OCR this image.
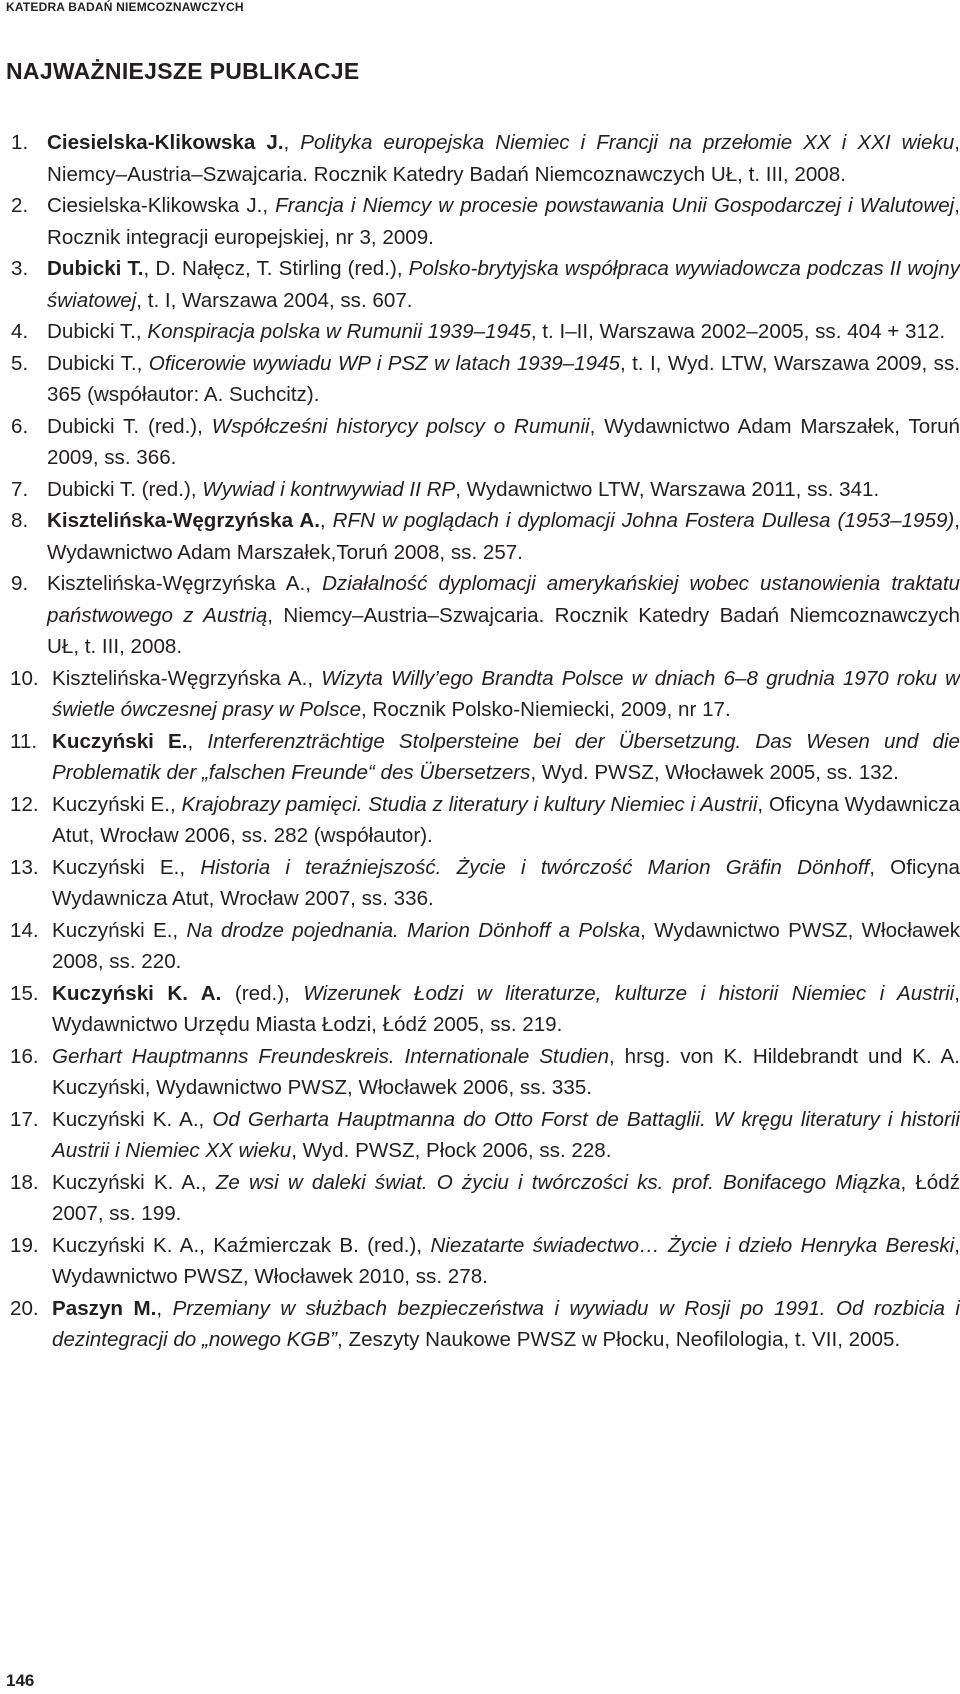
KATEDRA BADAŃ NIEMCOZNAWCZYCH
NAJWAŻNIEJSZE PUBLIKACJE
1. Ciesielska-Klikowska J., Polityka europejska Niemiec i Francji na przełomie XX i XXI wieku, Niemcy–Austria–Szwajcaria. Rocznik Katedry Badań Niemcoznawczych UŁ, t. III, 2008.
2. Ciesielska-Klikowska J., Francja i Niemcy w procesie powstawania Unii Gospodarczej i Walutowej, Rocznik integracji europejskiej, nr 3, 2009.
3. Dubicki T., D. Nałęcz, T. Stirling (red.), Polsko-brytyjska współpraca wywiadowcza podczas II wojny światowej, t. I, Warszawa 2004, ss. 607.
4. Dubicki T., Konspiracja polska w Rumunii 1939–1945, t. I–II, Warszawa 2002–2005, ss. 404 + 312.
5. Dubicki T., Oficerowie wywiadu WP i PSZ w latach 1939–1945, t. I, Wyd. LTW, Warszawa 2009, ss. 365 (współautor: A. Suchcitz).
6. Dubicki T. (red.), Współcześni historycy polscy o Rumunii, Wydawnictwo Adam Marszałek, Toruń 2009, ss. 366.
7. Dubicki T. (red.), Wywiad i kontrwywiad II RP, Wydawnictwo LTW, Warszawa 2011, ss. 341.
8. Kisztelińska-Węgrzyńska A., RFN w poglądach i dyplomacji Johna Fostera Dullesa (1953–1959), Wydawnictwo Adam Marszałek,Toruń 2008, ss. 257.
9. Kisztelińska-Węgrzyńska A., Działalność dyplomacji amerykańskiej wobec ustanowienia traktatu państwowego z Austrią, Niemcy–Austria–Szwajcaria. Rocznik Katedry Badań Niemcoznawczych UŁ, t. III, 2008.
10. Kisztelińska-Węgrzyńska A., Wizyta Willy’ego Brandta Polsce w dniach 6–8 grudnia 1970 roku w świetle ówczesnej prasy w Polsce, Rocznik Polsko-Niemiecki, 2009, nr 17.
11. Kuczyński E., Interferenzträchtige Stolpersteine bei der Übersetzung. Das Wesen und die Problematik der „falschen Freunde“ des Übersetzers, Wyd. PWSZ, Włocławek 2005, ss. 132.
12. Kuczyński E., Krajobrazy pamięci. Studia z literatury i kultury Niemiec i Austrii, Oficyna Wydawnicza Atut, Wrocław 2006, ss. 282 (współautor).
13. Kuczyński E., Historia i teraźniejszość. Życie i twórczość Marion Gräfin Dönhoff, Oficyna Wydawnicza Atut, Wrocław 2007, ss. 336.
14. Kuczyński E., Na drodze pojednania. Marion Dönhoff a Polska, Wydawnictwo PWSZ, Włocławek 2008, ss. 220.
15. Kuczyński K. A. (red.), Wizerunek Łodzi w literaturze, kulturze i historii Niemiec i Austrii, Wydawnictwo Urzędu Miasta Łodzi, Łódź 2005, ss. 219.
16. Gerhart Hauptmanns Freundeskreis. Internationale Studien, hrsg. von K. Hildebrandt und K. A. Kuczyński, Wydawnictwo PWSZ, Włocławek 2006, ss. 335.
17. Kuczyński K. A., Od Gerharta Hauptmanna do Otto Forst de Battaglii. W kręgu literatury i historii Austrii i Niemiec XX wieku, Wyd. PWSZ, Płock 2006, ss. 228.
18. Kuczyński K. A., Ze wsi w daleki świat. O życiu i twórczości ks. prof. Bonifacego Miązka, Łódź 2007, ss. 199.
19. Kuczyński K. A., Kaźmierczak B. (red.), Niezatarte świadectwo… Życie i dzieło Henryka Bereski, Wydawnictwo PWSZ, Włocławek 2010, ss. 278.
20. Paszyn M., Przemiany w służbach bezpieczeństwa i wywiadu w Rosji po 1991. Od rozbicia i dezintegracji do „nowego KGB”, Zeszyty Naukowe PWSZ w Płocku, Neofilologia, t. VII, 2005.
146
